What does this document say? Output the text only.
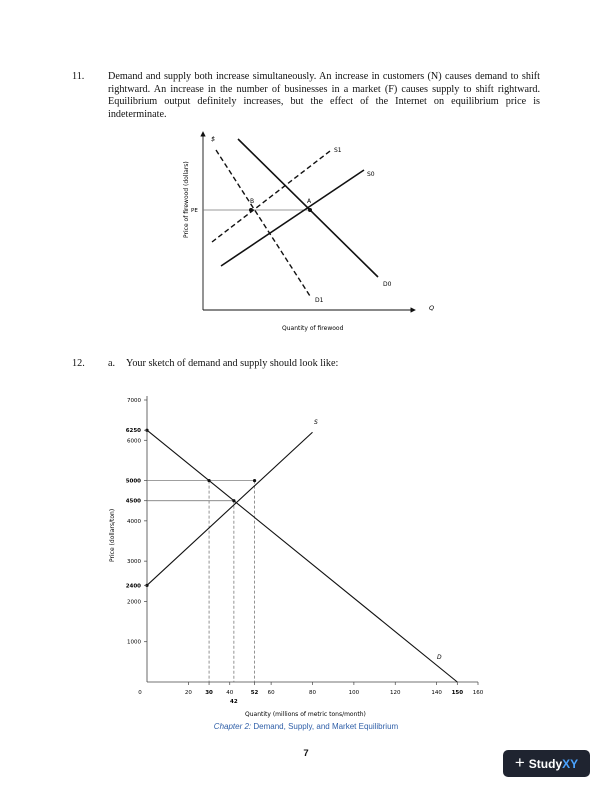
11. Demand and supply both increase simultaneously. An increase in customers (N) causes demand to shift rightward. An increase in the number of businesses in a market (F) causes supply to shift rightward. Equilibrium output definitely increases, but the effect of the Internet on equilibrium price is indeterminate.
$
Q
Price of firewood (dollars)
Quantity of firewood
PE
D0
S0
S1
D1
A
B
12. a. Your sketch of demand and supply should look like:
7000
6250
6000
5000
4500
4000
3000
2400
2000
1000
0	20 30 40	52 60	80	100	120	140 150 160
42
Price (dollars/ton)
Quantity (millions of metric tons/month)
S
D
Chapter 2: Demand, Supply, and Market Equilibrium
7	+ StudyXY
